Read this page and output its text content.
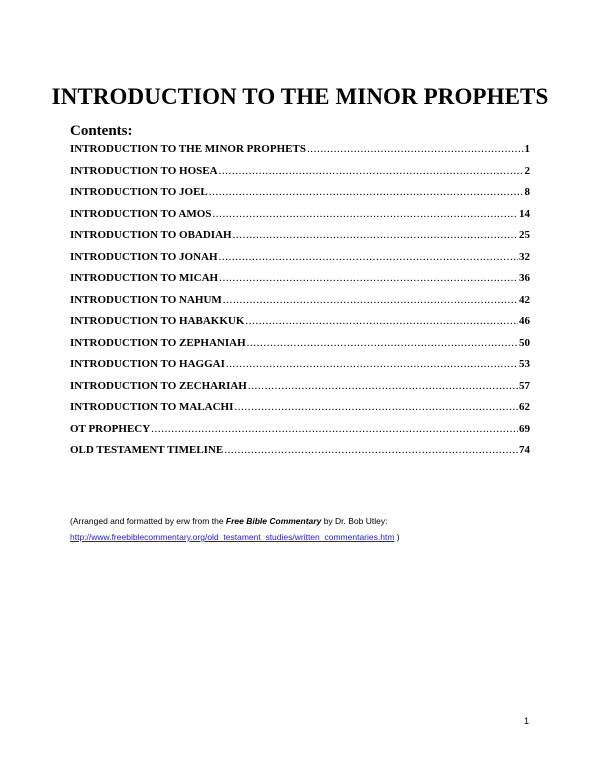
INTRODUCTION TO THE MINOR PROPHETS
Contents:
INTRODUCTION TO THE MINOR PROPHETS .....	1
INTRODUCTION TO HOSEA .....	2
INTRODUCTION TO JOEL .....	8
INTRODUCTION TO AMOS .....	14
INTRODUCTION TO OBADIAH .....	25
INTRODUCTION TO JONAH .....	32
INTRODUCTION TO MICAH .....	36
INTRODUCTION TO NAHUM .....	42
INTRODUCTION TO HABAKKUK .....	46
INTRODUCTION TO ZEPHANIAH .....	50
INTRODUCTION TO HAGGAI .....	53
INTRODUCTION TO ZECHARIAH .....	57
INTRODUCTION TO MALACHI .....	62
OT PROPHECY .....	69
OLD TESTAMENT TIMELINE .....	74
(Arranged and formatted by erw from the Free Bible Commentary by Dr. Bob Utley:
http://www.freebiblecommentary.org/old_testament_studies/written_commentaries.htm )
1
